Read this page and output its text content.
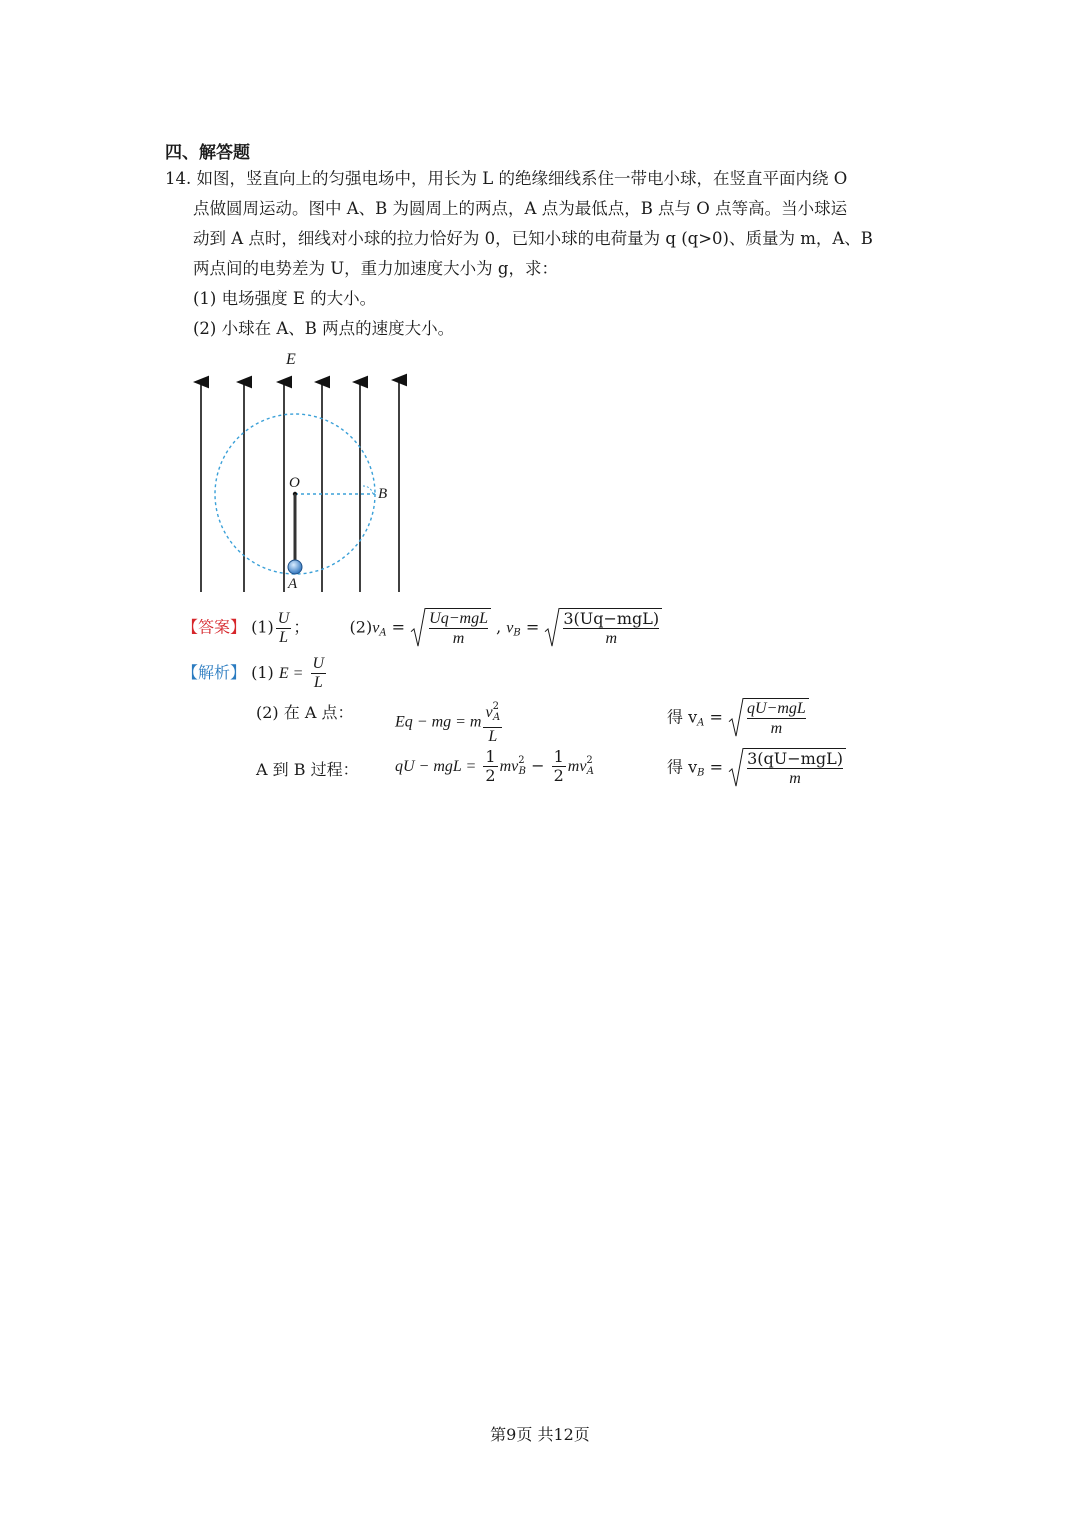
四、解答题
14. 如图，竖直向上的匀强电场中，用长为 L 的绝缘细线系住一带电小球，在竖直平面内绕 O
点做圆周运动。图中 A、B 为圆周上的两点，A 点为最低点，B 点与 O 点等高。当小球运
动到 A 点时，细线对小球的拉力恰好为 0，已知小球的电荷量为 q (q>0)、质量为 m，A、B
两点间的电势差为 U，重力加速度大小为 g，求：
(1) 电场强度 E 的大小。
(2) 小球在 A、B 两点的速度大小。
E
O
B
A
【答案】 $(1) \frac{U}{L}$ ；	$(2)v_A = \frac{\text{Uq−mgL}}{m}$ , $v_B = \frac{\text{3(Uq−mgL)}}{m}$
【解析】 (1) $E = \frac{U}{L}$
(2) 在 A 点：	Eq − mg = m $\frac{v^2_A}{L}$	得 $v_A = \frac{\text{qU−mgL}}{m}$
A 到 B 过程： qU − mgL = $\frac{1}{2} mv^2_B - \frac{1}{2} mv^2_A$	得 $v_B = \frac{\text{3(qU−mgL)}}{m}$
第9页 共12页
